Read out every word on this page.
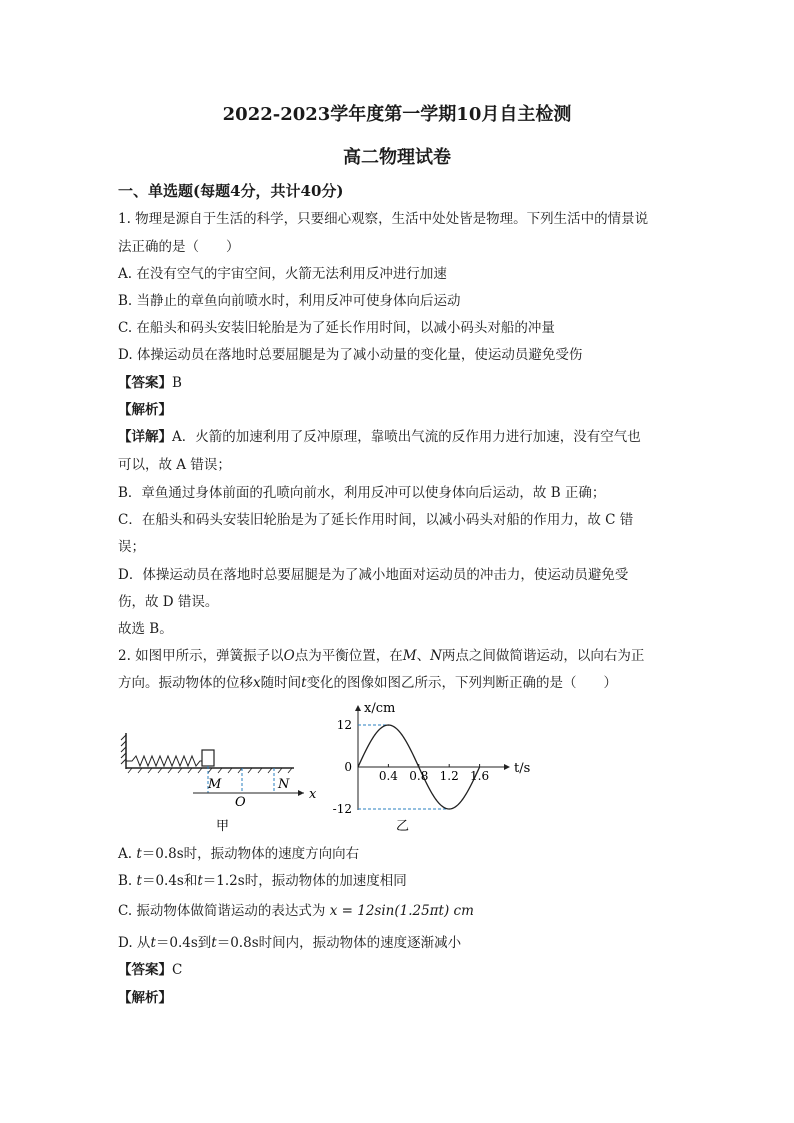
2022-2023学年度第一学期10月自主检测
高二物理试卷
一、单选题(每题4分，共计40分)
1. 物理是源自于生活的科学，只要细心观察，生活中处处皆是物理。下列生活中的情景说
法正确的是（　　）
A. 在没有空气的宇宙空间，火箭无法利用反冲进行加速
B. 当静止的章鱼向前喷水时，利用反冲可使身体向后运动
C. 在船头和码头安装旧轮胎是为了延长作用时间，以减小码头对船的冲量
D. 体操运动员在落地时总要屈腿是为了减小动量的变化量，使运动员避免受伤
【答案】B
【解析】
【详解】A．火箭的加速利用了反冲原理，靠喷出气流的反作用力进行加速，没有空气也
可以，故 A 错误；
B．章鱼通过身体前面的孔喷向前水，利用反冲可以使身体向后运动，故 B 正确；
C．在船头和码头安装旧轮胎是为了延长作用时间，以减小码头对船的作用力，故 C 错
误；
D．体操运动员在落地时总要屈腿是为了减小地面对运动员的冲击力，使运动员避免受
伤，故 D 错误。
故选 B。
2. 如图甲所示，弹簧振子以O点为平衡位置，在M、N两点之间做简谐运动，以向右为正
方向。振动物体的位移x随时间t变化的图像如图乙所示，下列判断正确的是（　　）
M
O
N
x
甲
x/cm
t/s
0.4 0.8 1.2 1.6
12
0
-12
乙
A. t＝0.8s时，振动物体的速度方向向右
B. t＝0.4s和t＝1.2s时，振动物体的加速度相同
C. 振动物体做简谐运动的表达式为 x = 12sin(1.25πt) cm
D. 从t＝0.4s到t＝0.8s时间内，振动物体的速度逐渐减小
【答案】C
【解析】
